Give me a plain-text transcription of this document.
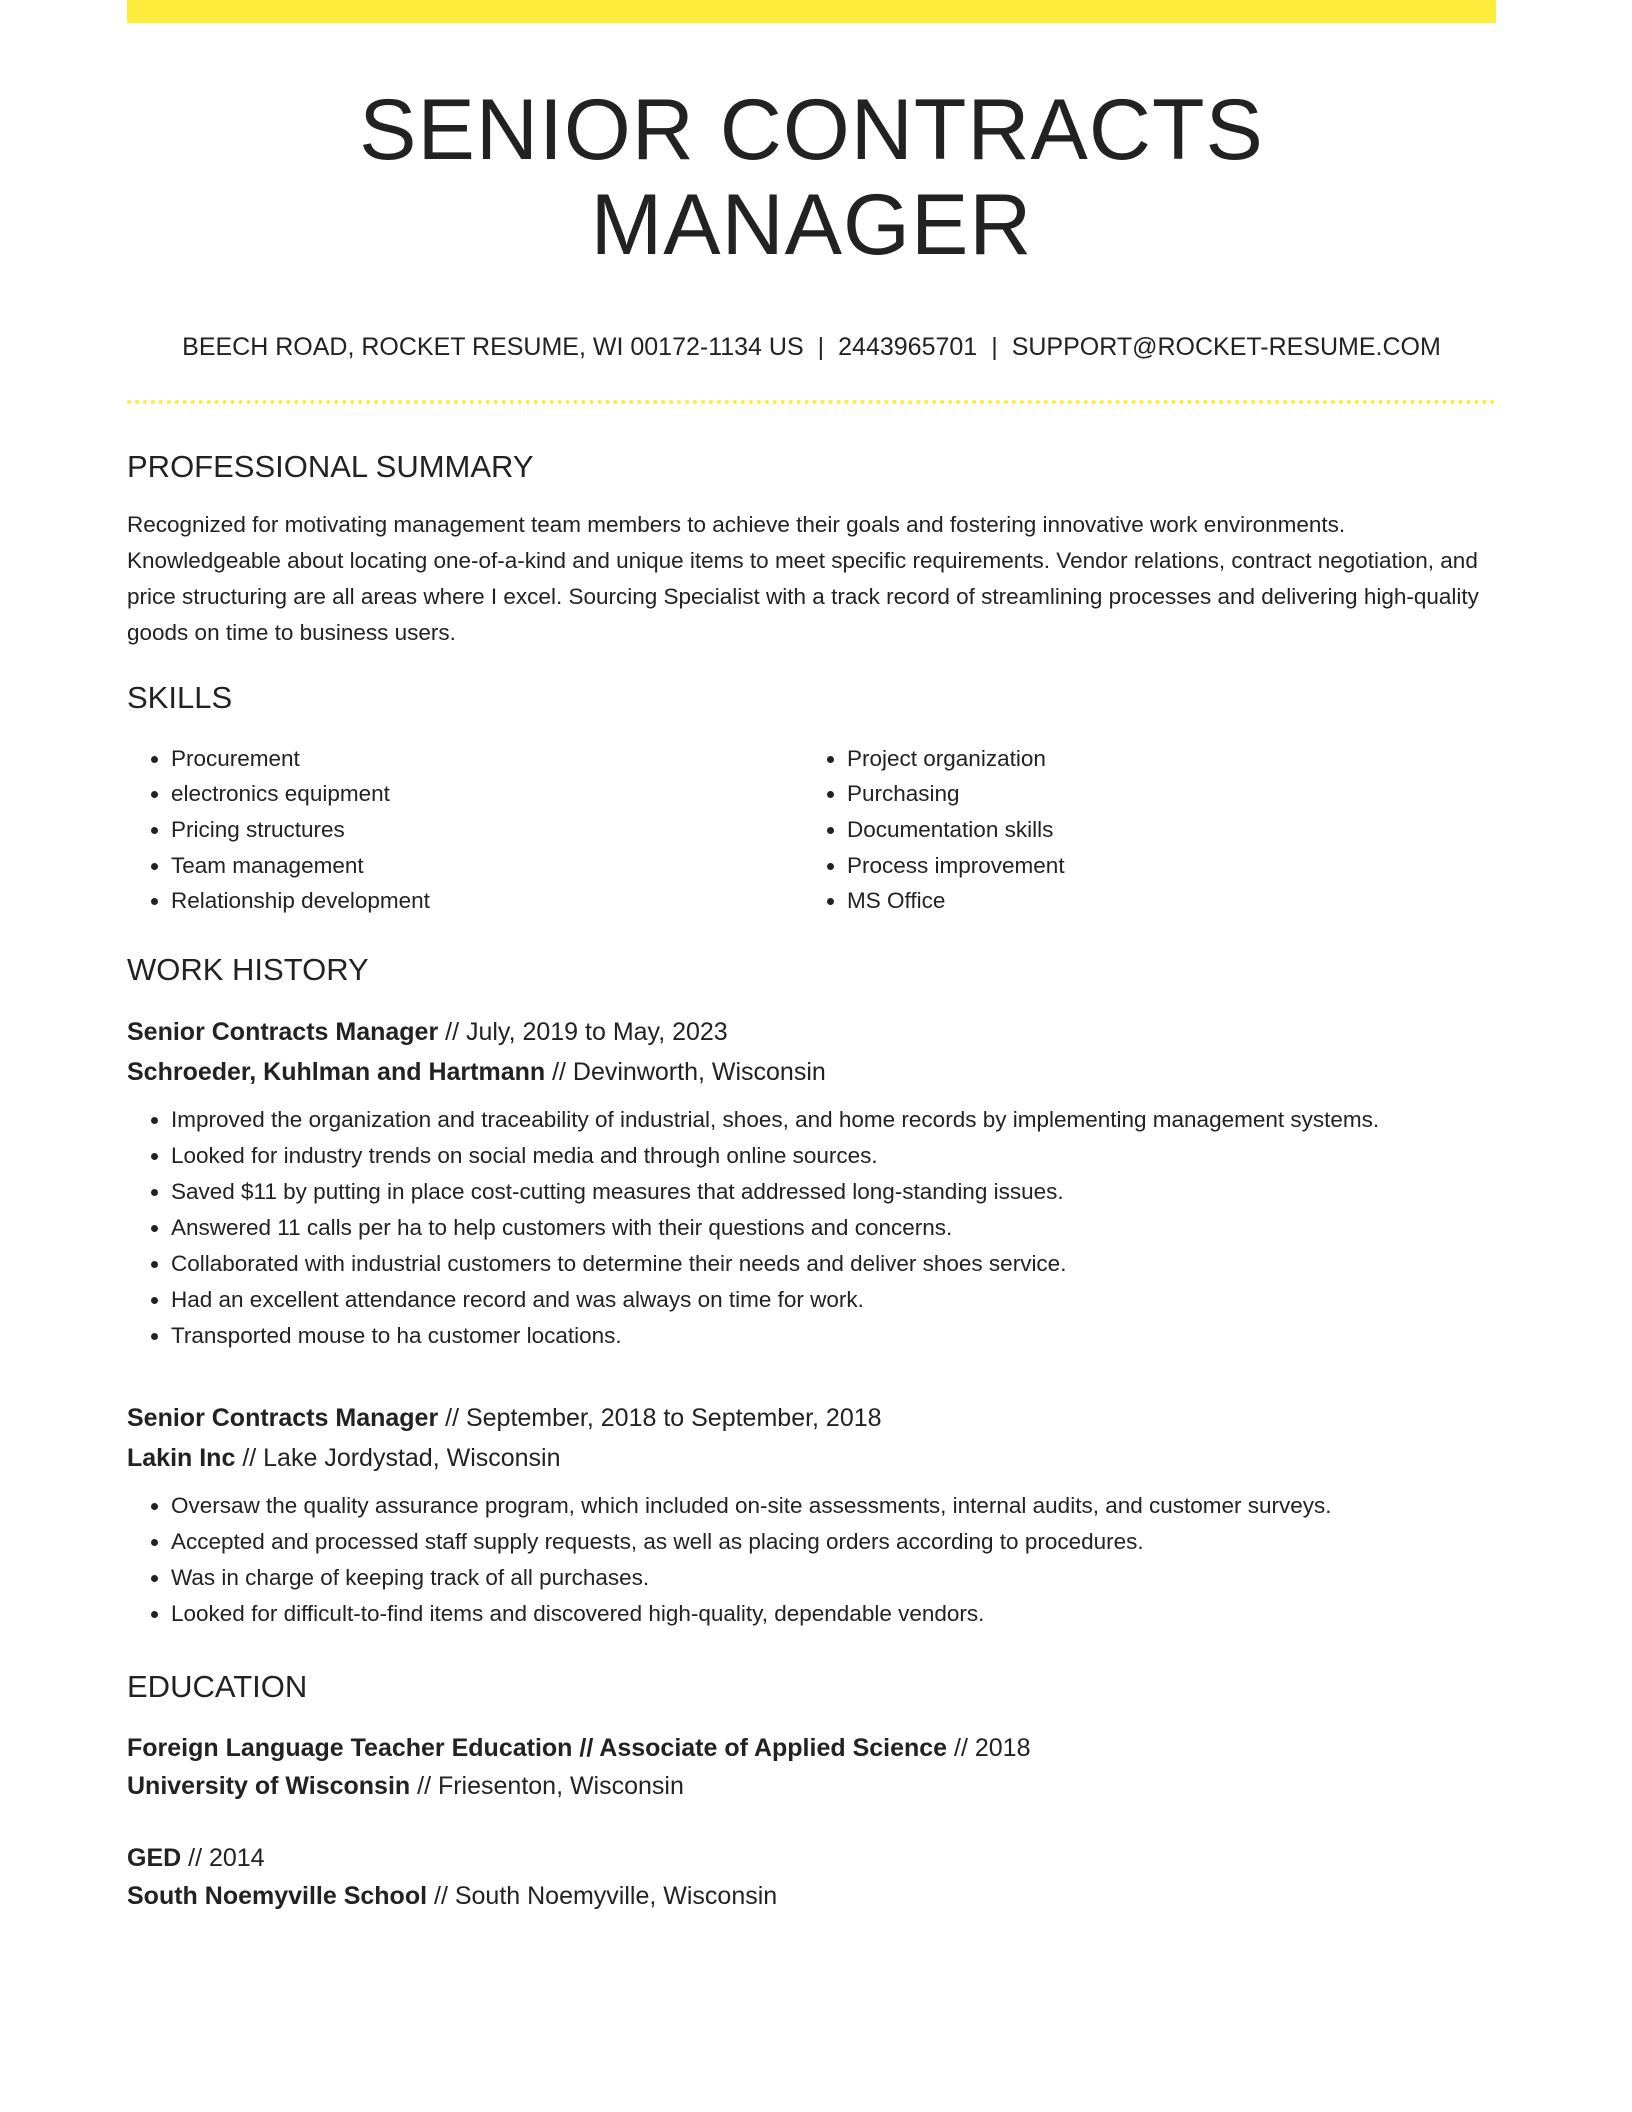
SENIOR CONTRACTS MANAGER
BEECH ROAD, ROCKET RESUME, WI 00172-1134 US | 2443965701 | SUPPORT@ROCKET-RESUME.COM
PROFESSIONAL SUMMARY
Recognized for motivating management team members to achieve their goals and fostering innovative work environments. Knowledgeable about locating one-of-a-kind and unique items to meet specific requirements. Vendor relations, contract negotiation, and price structuring are all areas where I excel. Sourcing Specialist with a track record of streamlining processes and delivering high-quality goods on time to business users.
SKILLS
• Procurement
• electronics equipment
• Pricing structures
• Team management
• Relationship development
• Project organization
• Purchasing
• Documentation skills
• Process improvement
• MS Office
WORK HISTORY
Senior Contracts Manager // July, 2019 to May, 2023
Schroeder, Kuhlman and Hartmann // Devinworth, Wisconsin
• Improved the organization and traceability of industrial, shoes, and home records by implementing management systems.
• Looked for industry trends on social media and through online sources.
• Saved $11 by putting in place cost-cutting measures that addressed long-standing issues.
• Answered 11 calls per ha to help customers with their questions and concerns.
• Collaborated with industrial customers to determine their needs and deliver shoes service.
• Had an excellent attendance record and was always on time for work.
• Transported mouse to ha customer locations.
Senior Contracts Manager // September, 2018 to September, 2018
Lakin Inc // Lake Jordystad, Wisconsin
• Oversaw the quality assurance program, which included on-site assessments, internal audits, and customer surveys.
• Accepted and processed staff supply requests, as well as placing orders according to procedures.
• Was in charge of keeping track of all purchases.
• Looked for difficult-to-find items and discovered high-quality, dependable vendors.
EDUCATION
Foreign Language Teacher Education // Associate of Applied Science // 2018
University of Wisconsin // Friesenton, Wisconsin
GED // 2014
South Noemyville School // South Noemyville, Wisconsin
